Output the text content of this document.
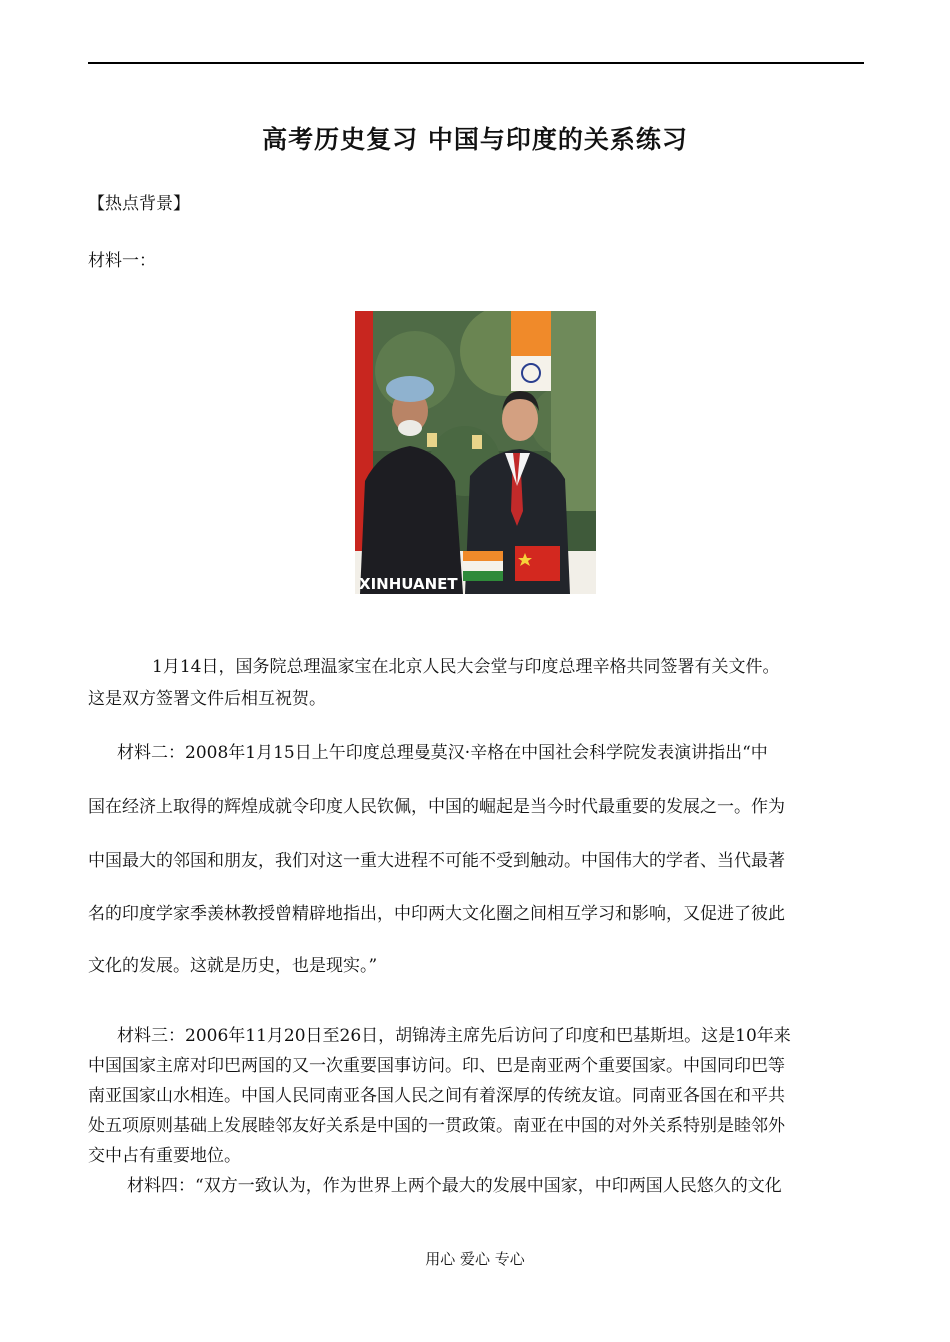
高考历史复习 中国与印度的关系练习
【热点背景】
材料一：
XINHUANET
1月14日，国务院总理温家宝在北京人民大会堂与印度总理辛格共同签署有关文件。
这是双方签署文件后相互祝贺。
材料二：2008年1月15日上午印度总理曼莫汉·辛格在中国社会科学院发表演讲指出“中
国在经济上取得的辉煌成就令印度人民钦佩，中国的崛起是当今时代最重要的发展之一。作为
中国最大的邻国和朋友，我们对这一重大进程不可能不受到触动。中国伟大的学者、当代最著
名的印度学家季羡林教授曾精辟地指出，中印两大文化圈之间相互学习和影响，又促进了彼此
文化的发展。这就是历史，也是现实。”
材料三：2006年11月20日至26日，胡锦涛主席先后访问了印度和巴基斯坦。这是10年来
中国国家主席对印巴两国的又一次重要国事访问。印、巴是南亚两个重要国家。中国同印巴等
南亚国家山水相连。中国人民同南亚各国人民之间有着深厚的传统友谊。同南亚各国在和平共
处五项原则基础上发展睦邻友好关系是中国的一贯政策。南亚在中国的对外关系特别是睦邻外
交中占有重要地位。
材料四：“双方一致认为，作为世界上两个最大的发展中国家，中印两国人民悠久的文化
用心 爱心 专心
